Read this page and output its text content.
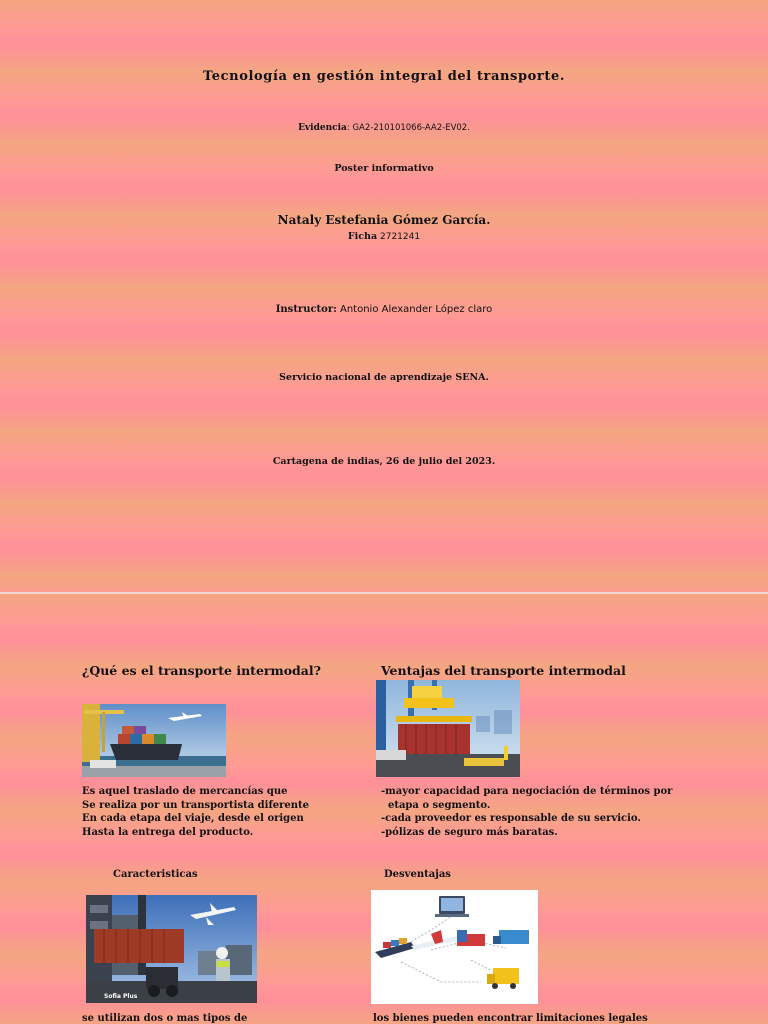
Tecnología en gestión integral del transporte.
Evidencia: GA2-210101066-AA2-EV02.
Poster informativo
Nataly Estefania Gómez García.
Ficha 2721241
Instructor: Antonio Alexander López claro
Servicio nacional de aprendizaje SENA.
Cartagena de indias, 26 de julio del 2023.
¿Qué es el transporte intermodal?	Ventajas del transporte intermodal
Es aquel traslado de mercancías que
Se realiza por un transportista diferente
En cada etapa del viaje, desde el origen
Hasta la entrega del producto.
-mayor capacidad para negociación de términos por
etapa o segmento.
-cada proveedor es responsable de su servicio.
-pólizas de seguro más baratas.
Caracteristicas	Desventajas
Sofia Plus
se utilizan dos o mas tipos de	los bienes pueden encontrar limitaciones legales
